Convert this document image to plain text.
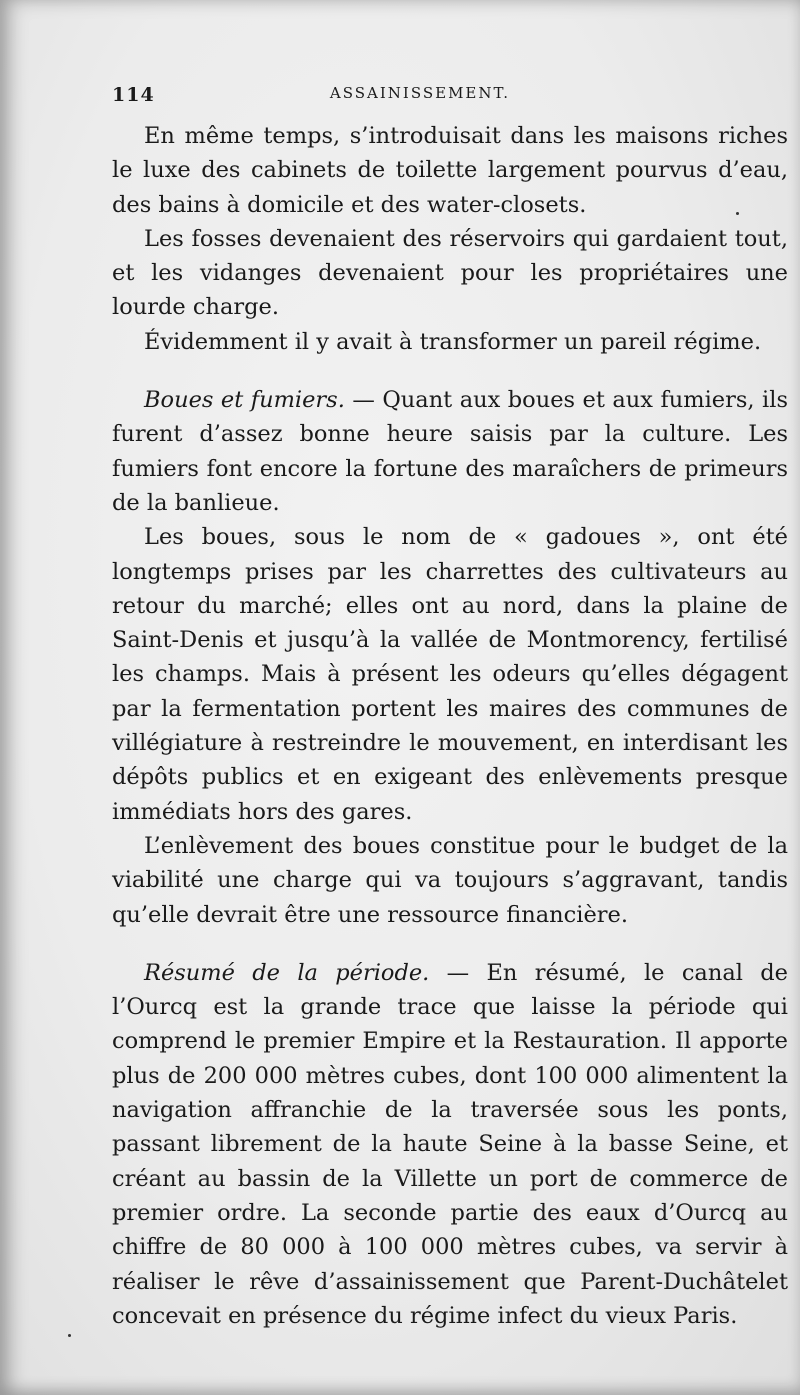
114	ASSAINISSEMENT.

En même temps, s’introduisait dans les maisons riches le luxe des cabinets de toilette largement pourvus d’eau, des bains à domicile et des water-closets.

Les fosses devenaient des réservoirs qui gardaient tout, et les vidanges devenaient pour les propriétaires une lourde charge.

Évidemment il y avait à transformer un pareil régime.

Boues et fumiers. — Quant aux boues et aux fumiers, ils furent d’assez bonne heure saisis par la culture. Les fumiers font encore la fortune des maraîchers de primeurs de la banlieue.

Les boues, sous le nom de « gadoues », ont été longtemps prises par les charrettes des cultivateurs au retour du marché; elles ont au nord, dans la plaine de Saint-Denis et jusqu’à la vallée de Montmorency, fertilisé les champs. Mais à présent les odeurs qu’elles dégagent par la fermentation portent les maires des communes de villégiature à restreindre le mouvement, en interdisant les dépôts publics et en exigeant des enlèvements presque immédiats hors des gares.

L’enlèvement des boues constitue pour le budget de la viabilité une charge qui va toujours s’aggravant, tandis qu’elle devrait être une ressource financière.

Résumé de la période. — En résumé, le canal de l’Ourcq est la grande trace que laisse la période qui comprend le premier Empire et la Restauration. Il apporte plus de 200 000 mètres cubes, dont 100 000 alimentent la navigation affranchie de la traversée sous les ponts, passant librement de la haute Seine à la basse Seine, et créant au bassin de la Villette un port de commerce de premier ordre. La seconde partie des eaux d’Ourcq au chiffre de 80 000 à 100 000 mètres cubes, va servir à réaliser le rêve d’assainissement que Parent-Duchâtelet concevait en présence du régime infect du vieux Paris.
